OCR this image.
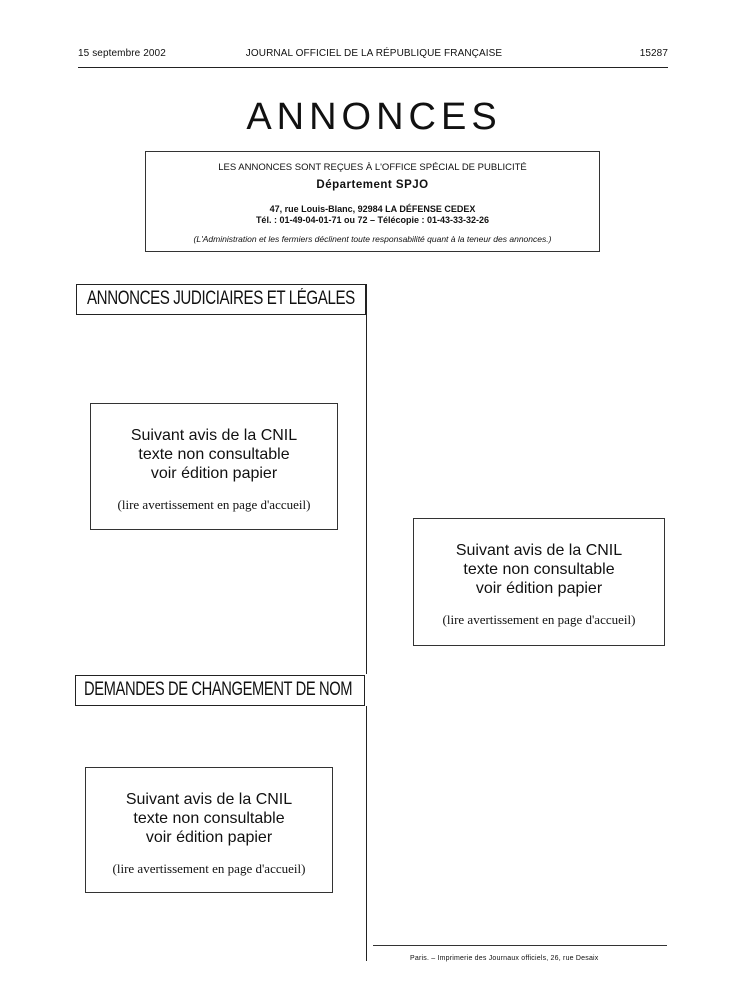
15 septembre 2002	JOURNAL OFFICIEL DE LA RÉPUBLIQUE FRANÇAISE	15287
ANNONCES
LES ANNONCES SONT REÇUES À L'OFFICE SPÉCIAL DE PUBLICITÉ
Département SPJO
47, rue Louis-Blanc, 92984 LA DÉFENSE CEDEX
Tél. : 01-49-04-01-71 ou 72 – Télécopie : 01-43-33-32-26
(L'Administration et les fermiers déclinent toute responsabilité quant à la teneur des annonces.)
ANNONCES JUDICIAIRES ET LÉGALES
Suivant avis de la CNIL
texte non consultable
voir édition papier
(lire avertissement en page d'accueil)
Suivant avis de la CNIL
texte non consultable
voir édition papier
(lire avertissement en page d'accueil)
DEMANDES DE CHANGEMENT DE NOM
Suivant avis de la CNIL
texte non consultable
voir édition papier
(lire avertissement en page d'accueil)
Paris. – Imprimerie des Journaux officiels, 26, rue Desaix
